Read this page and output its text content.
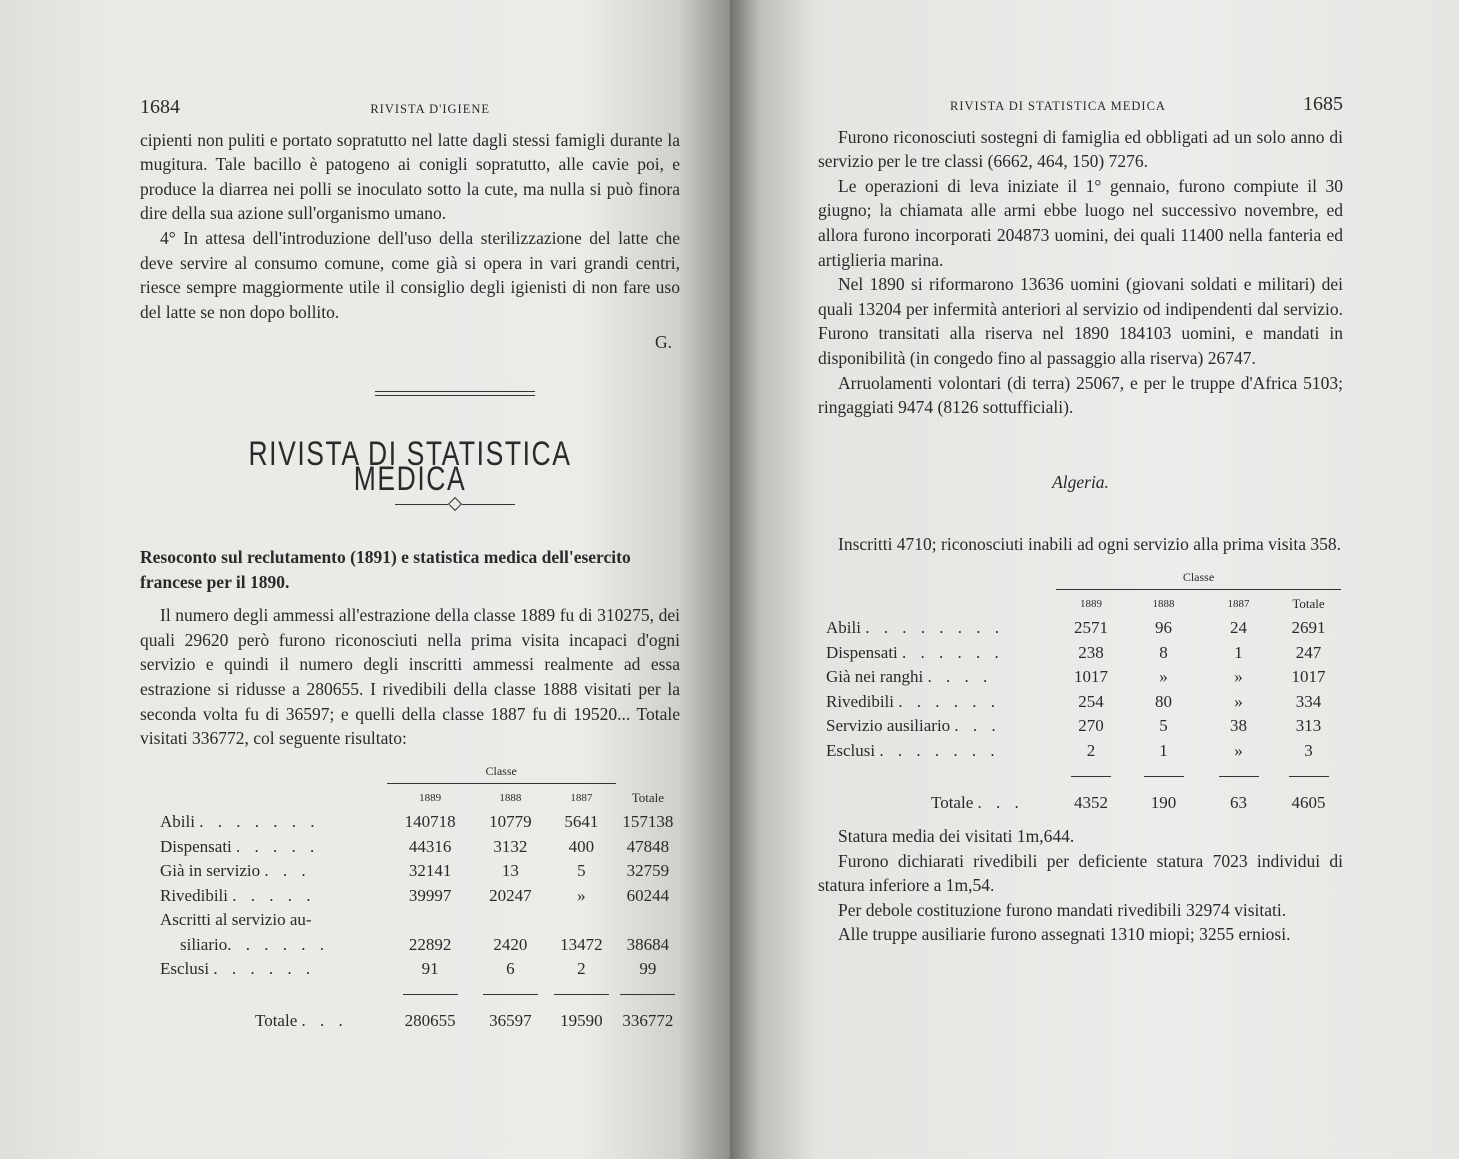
1684	RIVISTA D'IGIENE

cipienti non puliti e portato sopratutto nel latte dagli stessi famigli durante la mugitura. Tale bacillo è patogeno ai conigli sopratutto, alle cavie poi, e produce la diarrea nei polli se inoculato sotto la cute, ma nulla si può finora dire della sua azione sull'organismo umano.

4° In attesa dell'introduzione dell'uso della sterilizzazione del latte che deve servire al consumo comune, come già si opera in vari grandi centri, riesce sempre maggiormente utile il consiglio degli igienisti di non fare uso del latte se non dopo bollito.

G.

RIVISTA DI STATISTICA MEDICA

Resoconto sul reclutamento (1891) e statistica medica dell'esercito francese per il 1890.

Il numero degli ammessi all'estrazione della classe 1889 fu di 310275, dei quali 29620 però furono riconosciuti nella prima visita incapaci d'ogni servizio e quindi il numero degli inscritti ammessi realmente ad essa estrazione si ridusse a 280655. I rivedibili della classe 1888 visitati per la seconda volta fu di 36597; e quelli della classe 1887 fu di 19520... Totale visitati 336772, col seguente risultato:

	Classe			
	1889	1888	1887	Totale
Abili . . . . . . .	140718	10779	5641	157138
Dispensati . . . . .	44316	3132	400	47848
Già in servizio . . .	32141	13	5	32759
Rivedibili . . . . .	39997	20247	»	60244
Ascritti al servizio au-				
siliario. . . . . .	22892	2420	13472	38684
Esclusi . . . . . .	91	6	2	99

Totale . . .	280655	36597	19590	336772
RIVISTA DI STATISTICA MEDICA	1685

Furono riconosciuti sostegni di famiglia ed obbligati ad un solo anno di servizio per le tre classi (6662, 464, 150) 7276.

Le operazioni di leva iniziate il 1° gennaio, furono compiute il 30 giugno; la chiamata alle armi ebbe luogo nel successivo novembre, ed allora furono incorporati 204873 uomini, dei quali 11400 nella fanteria ed artiglieria marina.

Nel 1890 si riformarono 13636 uomini (giovani soldati e militari) dei quali 13204 per infermità anteriori al servizio od indipendenti dal servizio. Furono transitati alla riserva nel 1890 184103 uomini, e mandati in disponibilità (in congedo fino al passaggio alla riserva) 26747.

Arruolamenti volontari (di terra) 25067, e per le truppe d'Africa 5103; ringaggiati 9474 (8126 sottufficiali).

Algeria.

Inscritti 4710; riconosciuti inabili ad ogni servizio alla prima visita 358.

	Classe			
	1889	1888	1887	Totale
Abili . . . . . . . .	2571	96	24	2691
Dispensati . . . . . .	238	8	1	247
Già nei ranghi . . . .	1017	»	»	1017
Rivedibili . . . . . .	254	80	»	334
Servizio ausiliario . . .	270	5	38	313
Esclusi . . . . . . .	2	1	»	3

Totale . . .	4352	190	63	4605

Statura media dei visitati 1m,644.

Furono dichiarati rivedibili per deficiente statura 7023 individui di statura inferiore a 1m,54.

Per debole costituzione furono mandati rivedibili 32974 visitati.

Alle truppe ausiliarie furono assegnati 1310 miopi; 3255 erniosi.
